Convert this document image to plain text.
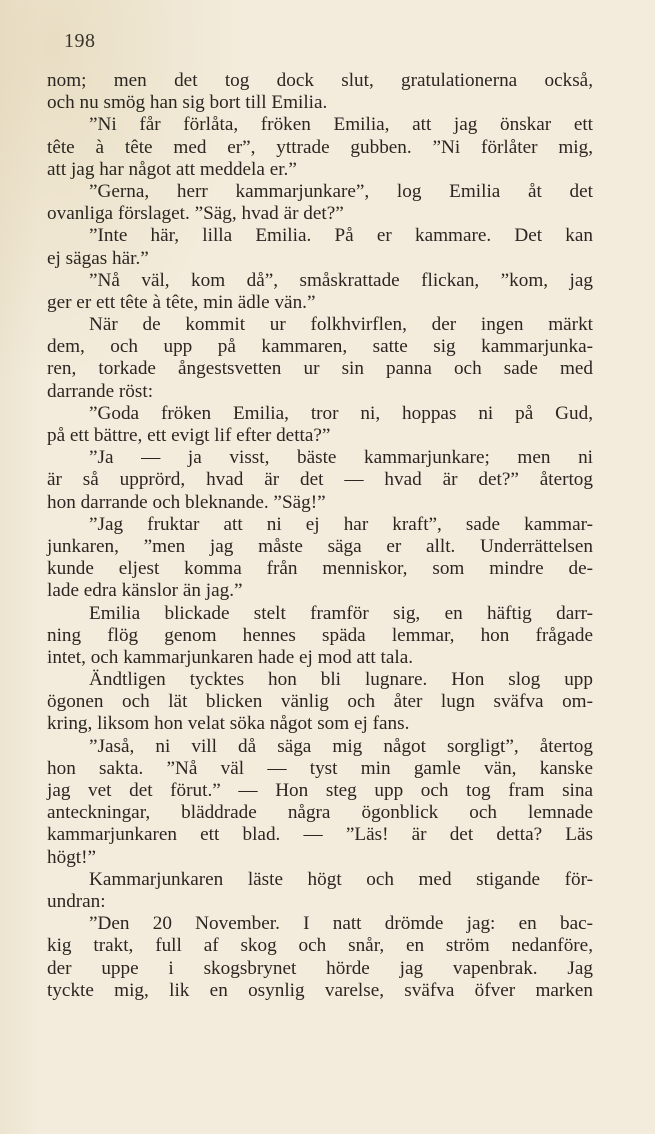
198
nom; men det tog dock slut, gratulationerna också,
och nu smög han sig bort till Emilia.
”Ni får förlåta, fröken Emilia, att jag önskar ett
tête à tête med er”, yttrade gubben. ”Ni förlåter mig,
att jag har något att meddela er.”
”Gerna, herr kammarjunkare”, log Emilia åt det
ovanliga förslaget. ”Säg, hvad är det?”
”Inte här, lilla Emilia. På er kammare. Det kan
ej sägas här.”
”Nå väl, kom då”, småskrattade flickan, ”kom, jag
ger er ett tête à tête, min ädle vän.”
När de kommit ur folkhvirflen, der ingen märkt
dem, och upp på kammaren, satte sig kammarjunka-
ren, torkade ångestsvetten ur sin panna och sade med
darrande röst:
”Goda fröken Emilia, tror ni, hoppas ni på Gud,
på ett bättre, ett evigt lif efter detta?”
”Ja — ja visst, bäste kammarjunkare; men ni
är så upprörd, hvad är det — hvad är det?” återtog
hon darrande och bleknande. ”Säg!”
”Jag fruktar att ni ej har kraft”, sade kammar-
junkaren, ”men jag måste säga er allt. Underrättelsen
kunde eljest komma från menniskor, som mindre de-
lade edra känslor än jag.”
Emilia blickade stelt framför sig, en häftig darr-
ning flög genom hennes späda lemmar, hon frågade
intet, och kammarjunkaren hade ej mod att tala.
Ändtligen tycktes hon bli lugnare. Hon slog upp
ögonen och lät blicken vänlig och åter lugn sväfva om-
kring, liksom hon velat söka något som ej fans.
”Jaså, ni vill då säga mig något sorgligt”, återtog
hon sakta. ”Nå väl — tyst min gamle vän, kanske
jag vet det förut.” — Hon steg upp och tog fram sina
anteckningar, bläddrade några ögonblick och lemnade
kammarjunkaren ett blad. — ”Läs! är det detta? Läs
högt!”
Kammarjunkaren läste högt och med stigande för-
undran:
”Den 20 November. I natt drömde jag: en bac-
kig trakt, full af skog och snår, en ström nedanföre,
der uppe i skogsbrynet hörde jag vapenbrak. Jag
tyckte mig, lik en osynlig varelse, sväfva öfver marken
